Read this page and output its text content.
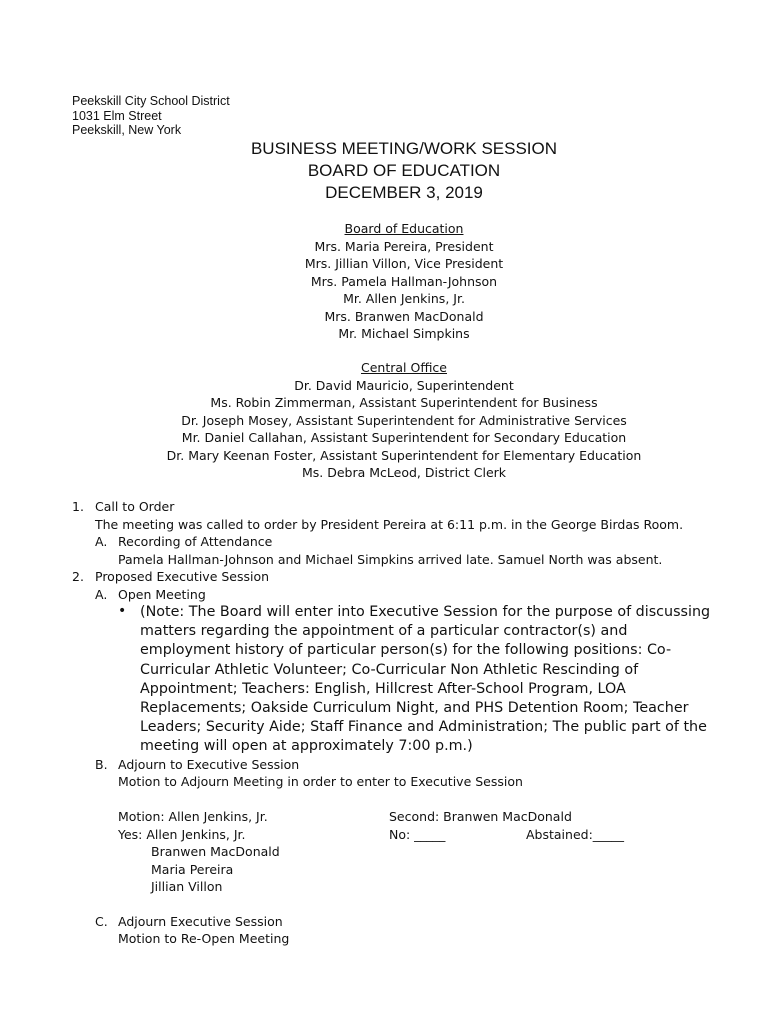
Peekskill City School District
1031 Elm Street
Peekskill, New York
BUSINESS MEETING/WORK SESSION
BOARD OF EDUCATION
DECEMBER 3, 2019
Board of Education
Mrs. Maria Pereira, President
Mrs. Jillian Villon, Vice President
Mrs. Pamela Hallman-Johnson
Mr. Allen Jenkins, Jr.
Mrs. Branwen MacDonald
Mr. Michael Simpkins
Central Office
Dr. David Mauricio, Superintendent
Ms. Robin Zimmerman, Assistant Superintendent for Business
Dr. Joseph Mosey, Assistant Superintendent for Administrative Services
Mr. Daniel Callahan, Assistant Superintendent for Secondary Education
Dr. Mary Keenan Foster, Assistant Superintendent for Elementary Education
Ms. Debra McLeod, District Clerk
1. Call to Order
The meeting was called to order by President Pereira at 6:11 p.m. in the George Birdas Room.
A. Recording of Attendance
Pamela Hallman-Johnson and Michael Simpkins arrived late. Samuel North was absent.
2. Proposed Executive Session
A. Open Meeting
• (Note: The Board will enter into Executive Session for the purpose of discussing
matters regarding the appointment of a particular contractor(s) and
employment history of particular person(s) for the following positions: Co-
Curricular Athletic Volunteer; Co-Curricular Non Athletic Rescinding of
Appointment; Teachers: English, Hillcrest After-School Program, LOA
Replacements; Oakside Curriculum Night, and PHS Detention Room; Teacher
Leaders; Security Aide; Staff Finance and Administration; The public part of the
meeting will open at approximately 7:00 p.m.)
B. Adjourn to Executive Session
Motion to Adjourn Meeting in order to enter to Executive Session
Motion: Allen Jenkins, Jr.	Second: Branwen MacDonald
Yes: Allen Jenkins, Jr.	No: _____	Abstained:_____
Branwen MacDonald
Maria Pereira
Jillian Villon
C. Adjourn Executive Session
Motion to Re-Open Meeting
